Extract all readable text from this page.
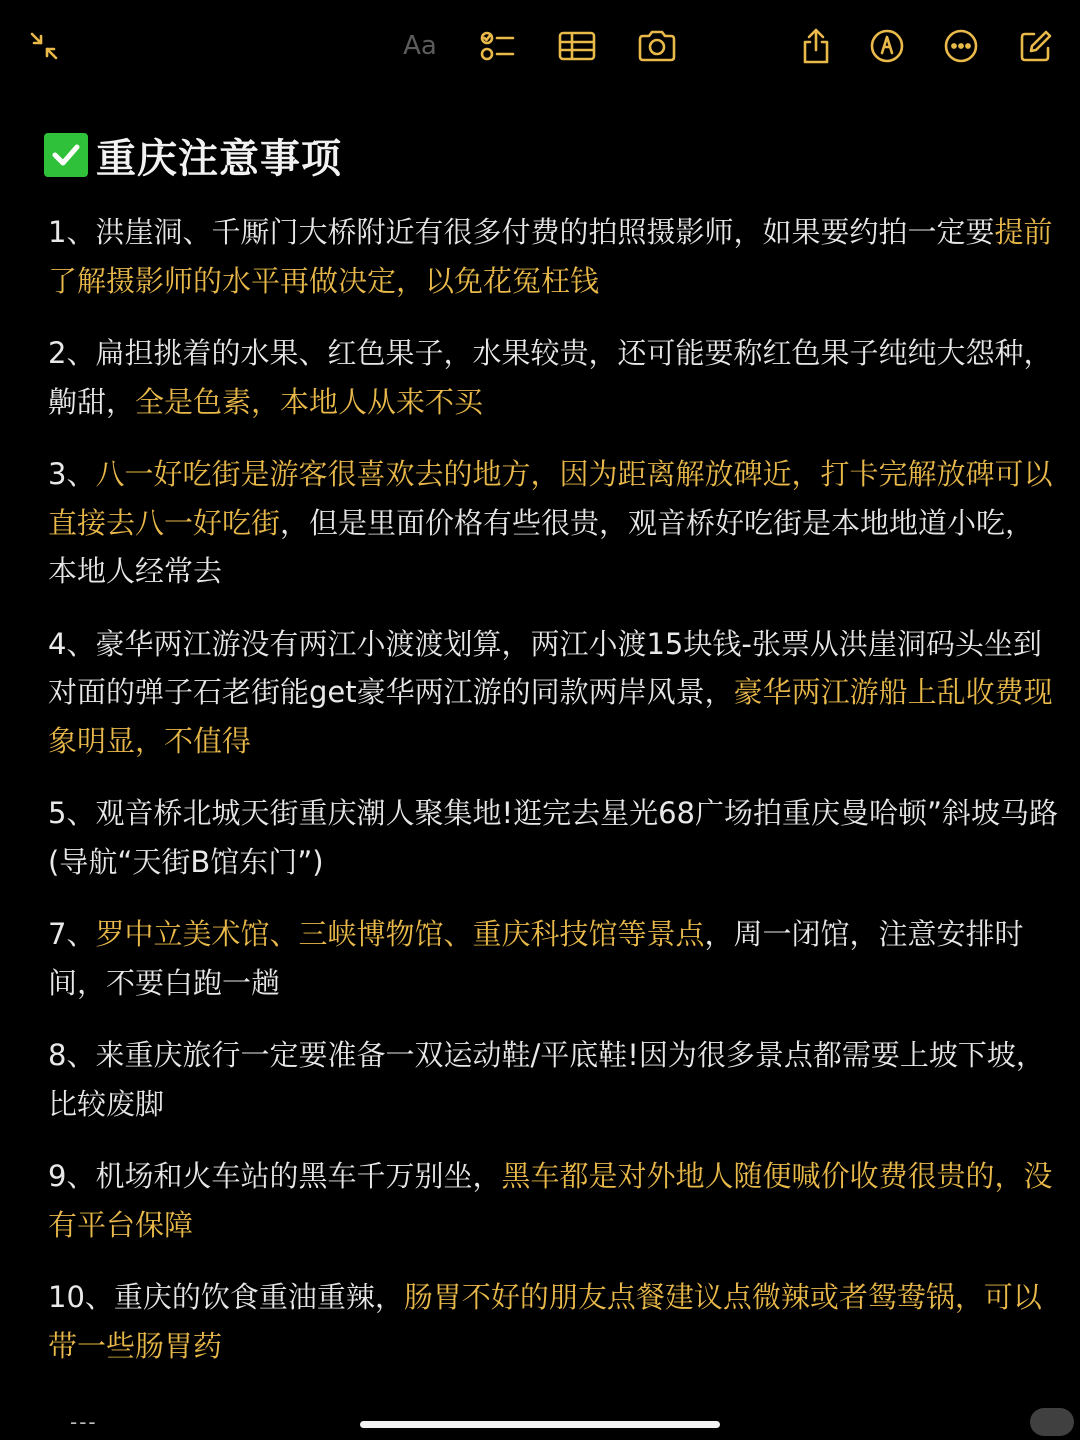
Aa
重庆注意事项

1、洪崖洞、千厮门大桥附近有很多付费的拍照摄影师，如果要约拍一定要提前了解摄影师的水平再做决定，以免花冤枉钱

2、扁担挑着的水果、红色果子，水果较贵，还可能要称红色果子纯纯大怨种，齁甜，全是色素，本地人从来不买

3、八一好吃街是游客很喜欢去的地方，因为距离解放碑近，打卡完解放碑可以直接去八一好吃街，但是里面价格有些很贵，观音桥好吃街是本地地道小吃，本地人经常去

4、豪华两江游没有两江小渡渡划算，两江小渡15块钱-张票从洪崖洞码头坐到对面的弹子石老街能get豪华两江游的同款两岸风景，豪华两江游船上乱收费现象明显，不值得

5、观音桥北城天街重庆潮人聚集地!逛完去星光68广场拍重庆曼哈顿”斜坡马路(导航“天街B馆东门”)

7、罗中立美术馆、三峡博物馆、重庆科技馆等景点，周一闭馆，注意安排时间，不要白跑一趟

8、来重庆旅行一定要准备一双运动鞋/平底鞋!因为很多景点都需要上坡下坡，比较废脚

9、机场和火车站的黑车千万别坐，黑车都是对外地人随便喊价收费很贵的，没有平台保障

10、重庆的饮食重油重辣，肠胃不好的朋友点餐建议点微辣或者鸳鸯锅，可以带一些肠胃药

---
